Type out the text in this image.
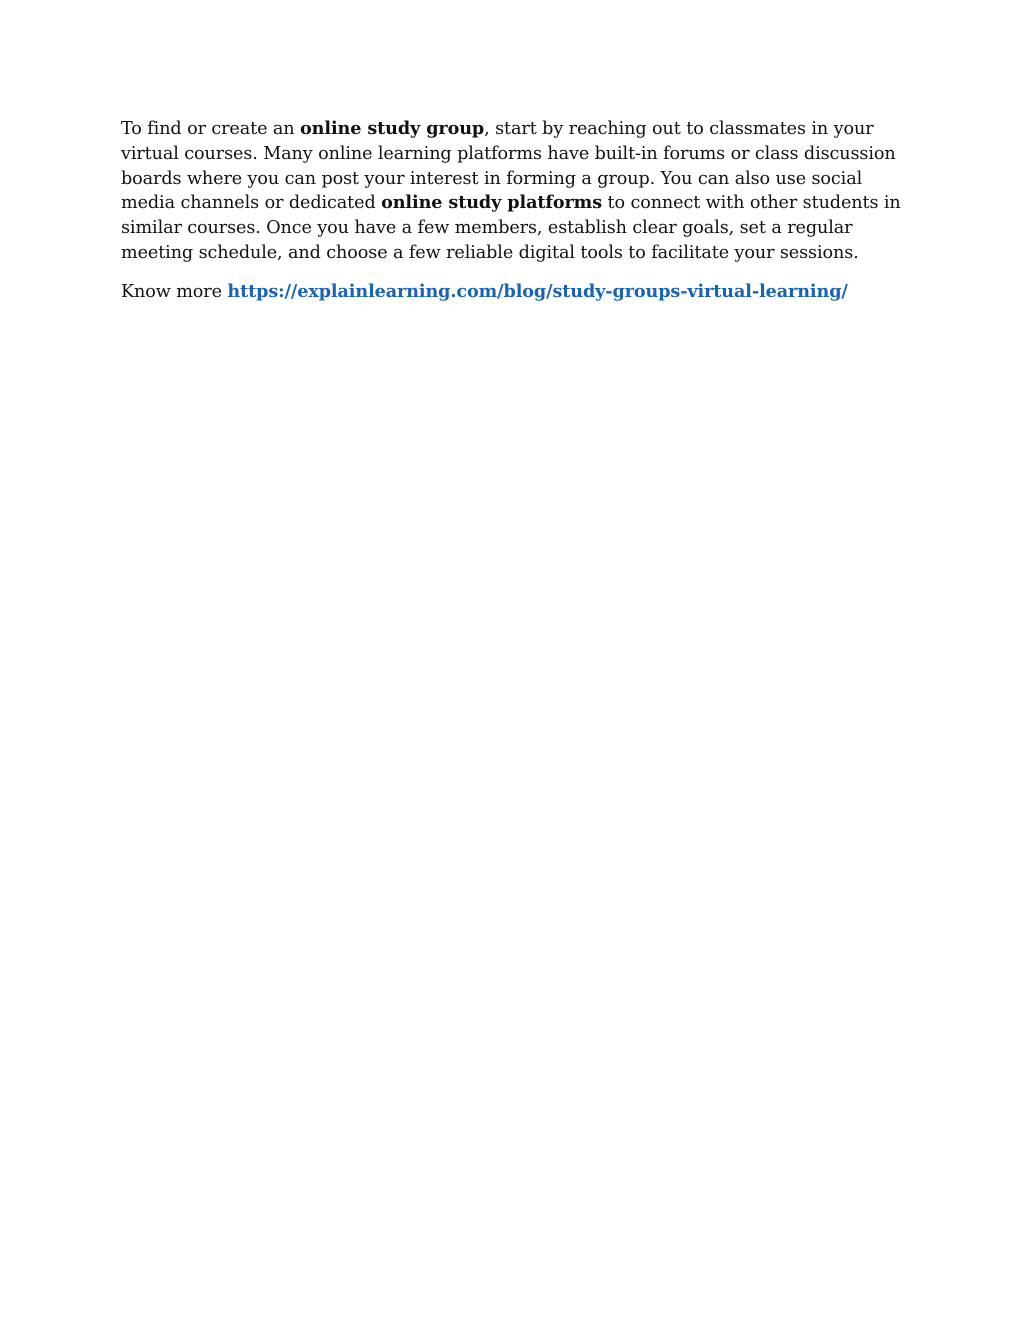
To find or create an online study group, start by reaching out to classmates in your virtual courses. Many online learning platforms have built-in forums or class discussion boards where you can post your interest in forming a group. You can also use social media channels or dedicated online study platforms to connect with other students in similar courses. Once you have a few members, establish clear goals, set a regular meeting schedule, and choose a few reliable digital tools to facilitate your sessions.

Know more https://explainlearning.com/blog/study-groups-virtual-learning/
